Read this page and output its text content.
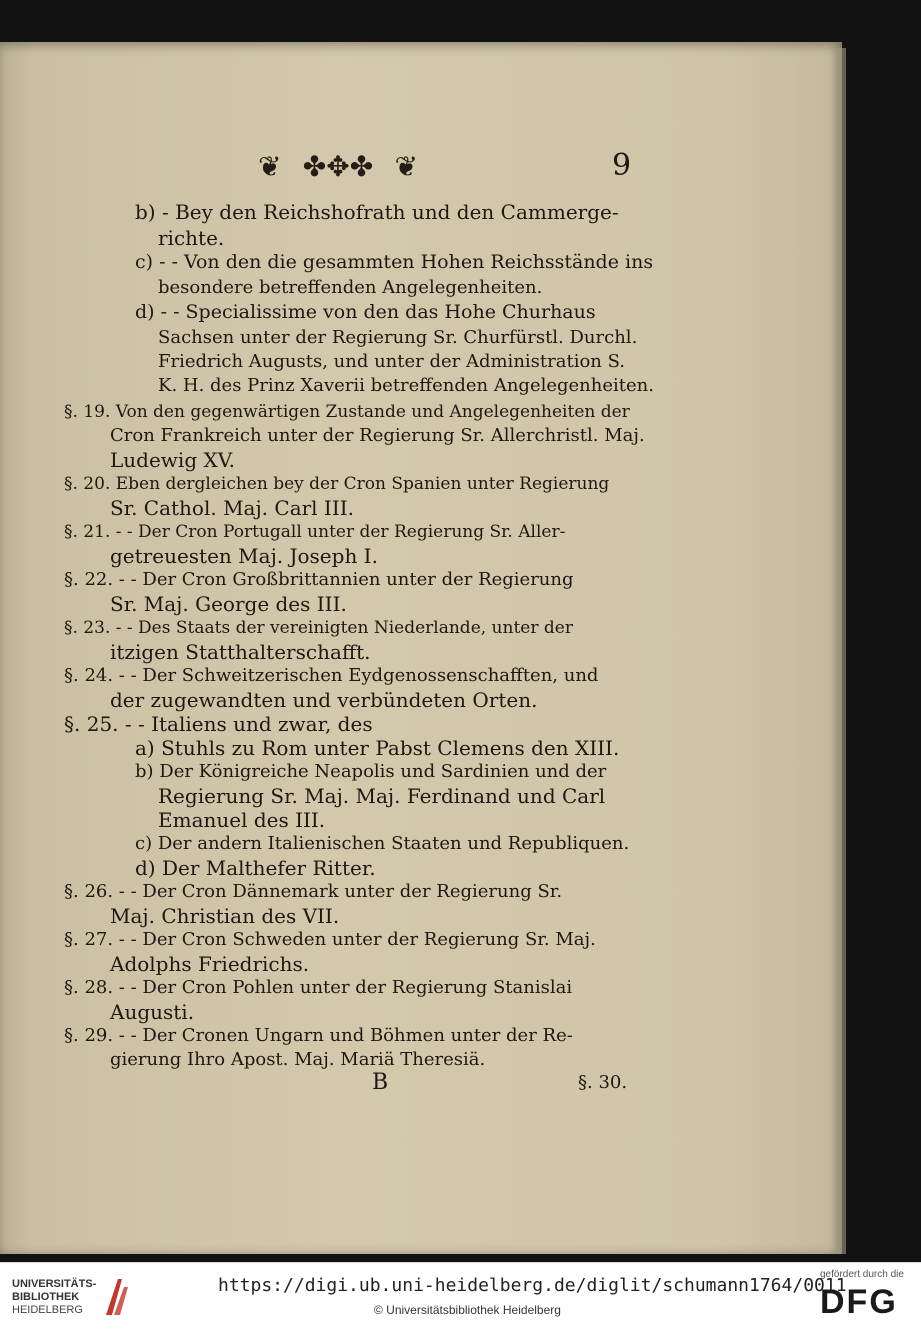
❦ ✤✥✤ ❦	9
b) - Bey den Reichshofrath und den Cammerge-
richte.
c) - - Von den die gesammten Hohen Reichsstände ins
besondere betreffenden Angelegenheiten.
d) - - Specialissime von den das Hohe Churhaus
Sachsen unter der Regierung Sr. Churfürstl. Durchl.
Friedrich Augusts, und unter der Administration S.
K. H. des Prinz Xaverii betreffenden Angelegenheiten.
§. 19. Von den gegenwärtigen Zustande und Angelegenheiten der
Cron Frankreich unter der Regierung Sr. Allerchristl. Maj.
Ludewig XV.
§. 20. Eben dergleichen bey der Cron Spanien unter Regierung
Sr. Cathol. Maj. Carl III.
§. 21. - - Der Cron Portugall unter der Regierung Sr. Aller-
getreuesten Maj. Joseph I.
§. 22. - - Der Cron Großbrittannien unter der Regierung
Sr. Maj. George des III.
§. 23. - - Des Staats der vereinigten Niederlande, unter der
itzigen Statthalterschafft.
§. 24. - - Der Schweitzerischen Eydgenossenschafften, und
der zugewandten und verbündeten Orten.
§. 25. - - Italiens und zwar, des
a) Stuhls zu Rom unter Pabst Clemens den XIII.
b) Der Königreiche Neapolis und Sardinien und der
Regierung Sr. Maj. Maj. Ferdinand und Carl
Emanuel des III.
c) Der andern Italienischen Staaten und Republiquen.
d) Der Malthefer Ritter.
§. 26. - - Der Cron Dännemark unter der Regierung Sr.
Maj. Christian des VII.
§. 27. - - Der Cron Schweden unter der Regierung Sr. Maj.
Adolphs Friedrichs.
§. 28. - - Der Cron Pohlen unter der Regierung Stanislai
Augusti.
§. 29. - - Der Cronen Ungarn und Böhmen unter der Re-
gierung Ihro Apost. Maj. Mariä Theresiä.
B	§. 30.
UNIVERSITÄTS-
BIBLIOTHEK
HEIDELBERG
https://digi.ub.uni-heidelberg.de/diglit/schumann1764/0011
© Universitätsbibliothek Heidelberg
gefördert durch die
DFG
